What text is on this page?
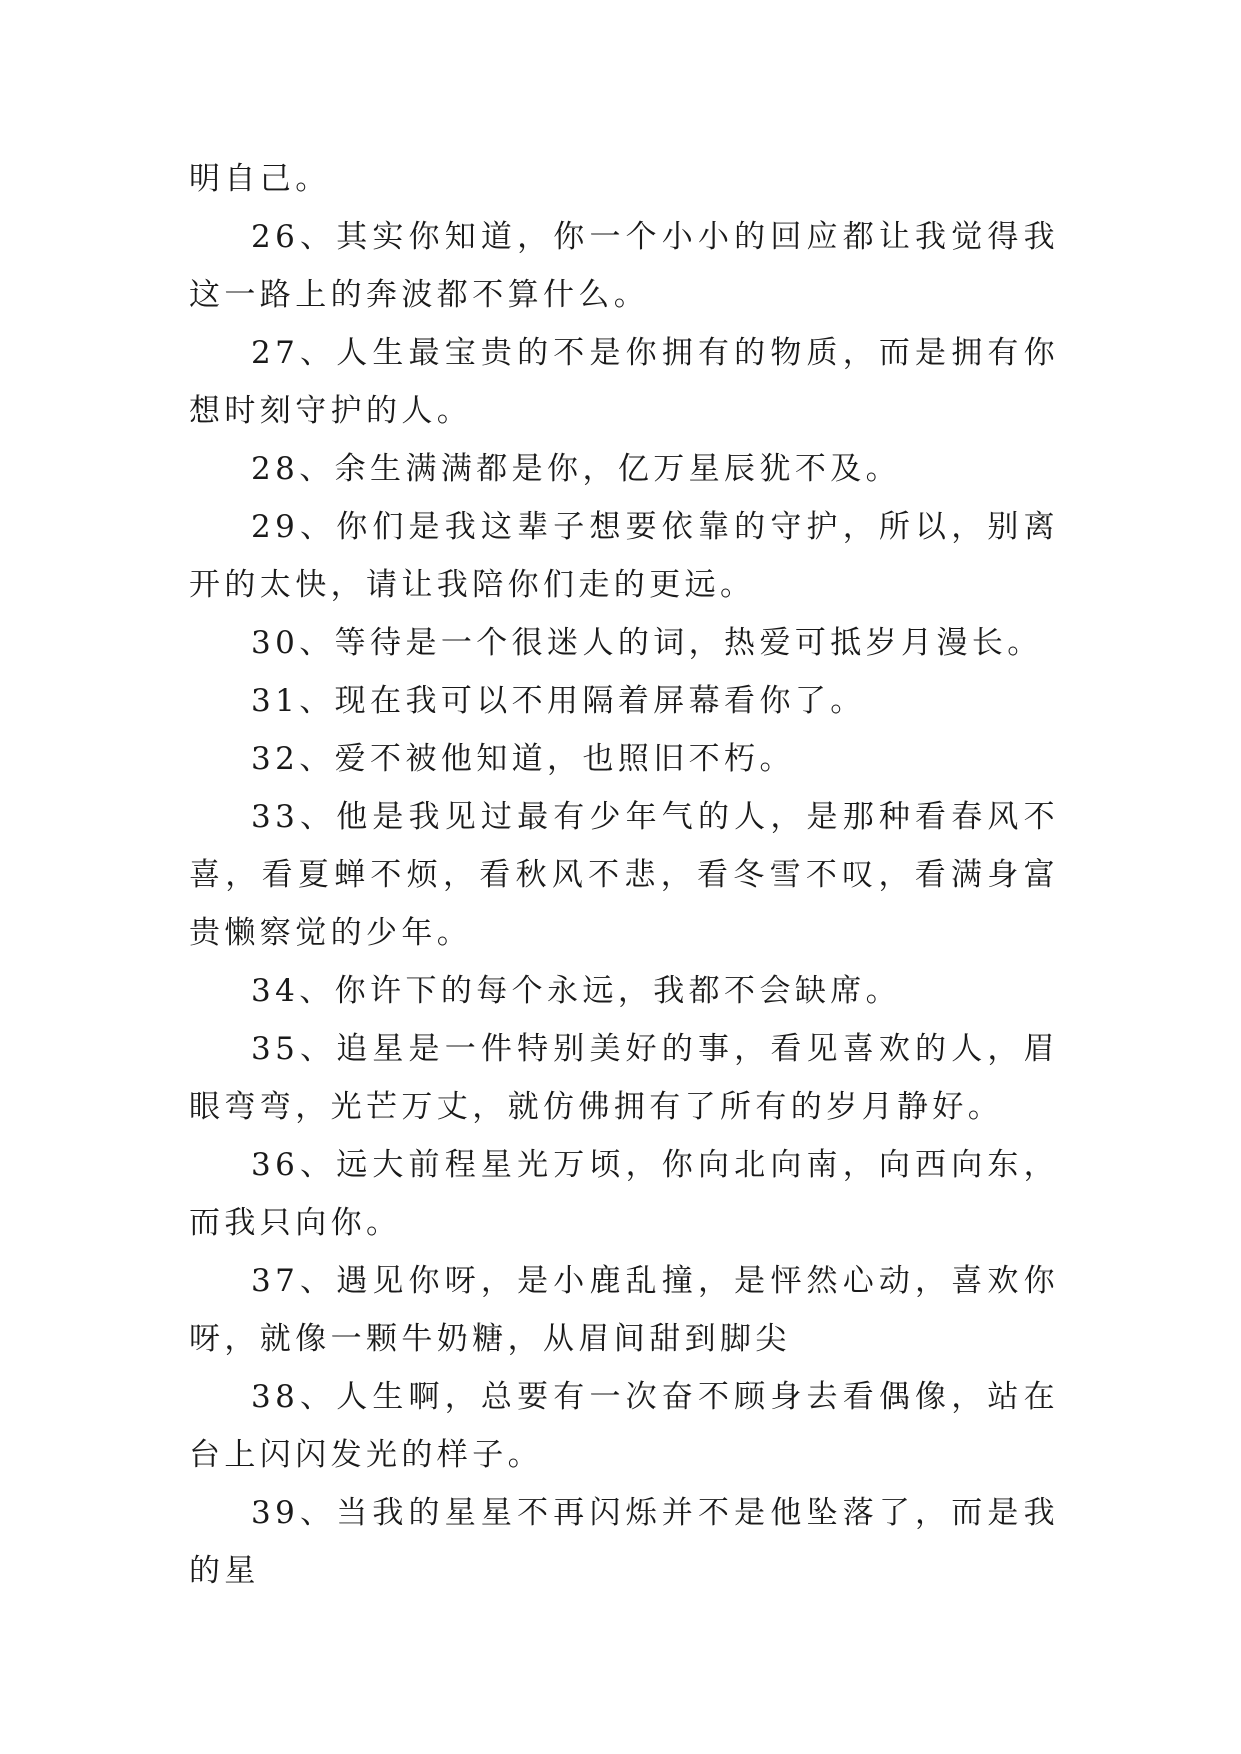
明自己。

26、其实你知道，你一个小小的回应都让我觉得我这一路上的奔波都不算什么。

27、人生最宝贵的不是你拥有的物质，而是拥有你想时刻守护的人。

28、余生满满都是你，亿万星辰犹不及。

29、你们是我这辈子想要依靠的守护，所以，别离开的太快，请让我陪你们走的更远。

30、等待是一个很迷人的词，热爱可抵岁月漫长。

31、现在我可以不用隔着屏幕看你了。

32、爱不被他知道，也照旧不朽。

33、他是我见过最有少年气的人，是那种看春风不喜，看夏蝉不烦，看秋风不悲，看冬雪不叹，看满身富贵懒察觉的少年。

34、你许下的每个永远，我都不会缺席。

35、追星是一件特别美好的事，看见喜欢的人，眉眼弯弯，光芒万丈，就仿佛拥有了所有的岁月静好。

36、远大前程星光万顷，你向北向南，向西向东，而我只向你。

37、遇见你呀，是小鹿乱撞，是怦然心动，喜欢你呀，就像一颗牛奶糖，从眉间甜到脚尖

38、人生啊，总要有一次奋不顾身去看偶像，站在台上闪闪发光的样子。

39、当我的星星不再闪烁并不是他坠落了，而是我的星
